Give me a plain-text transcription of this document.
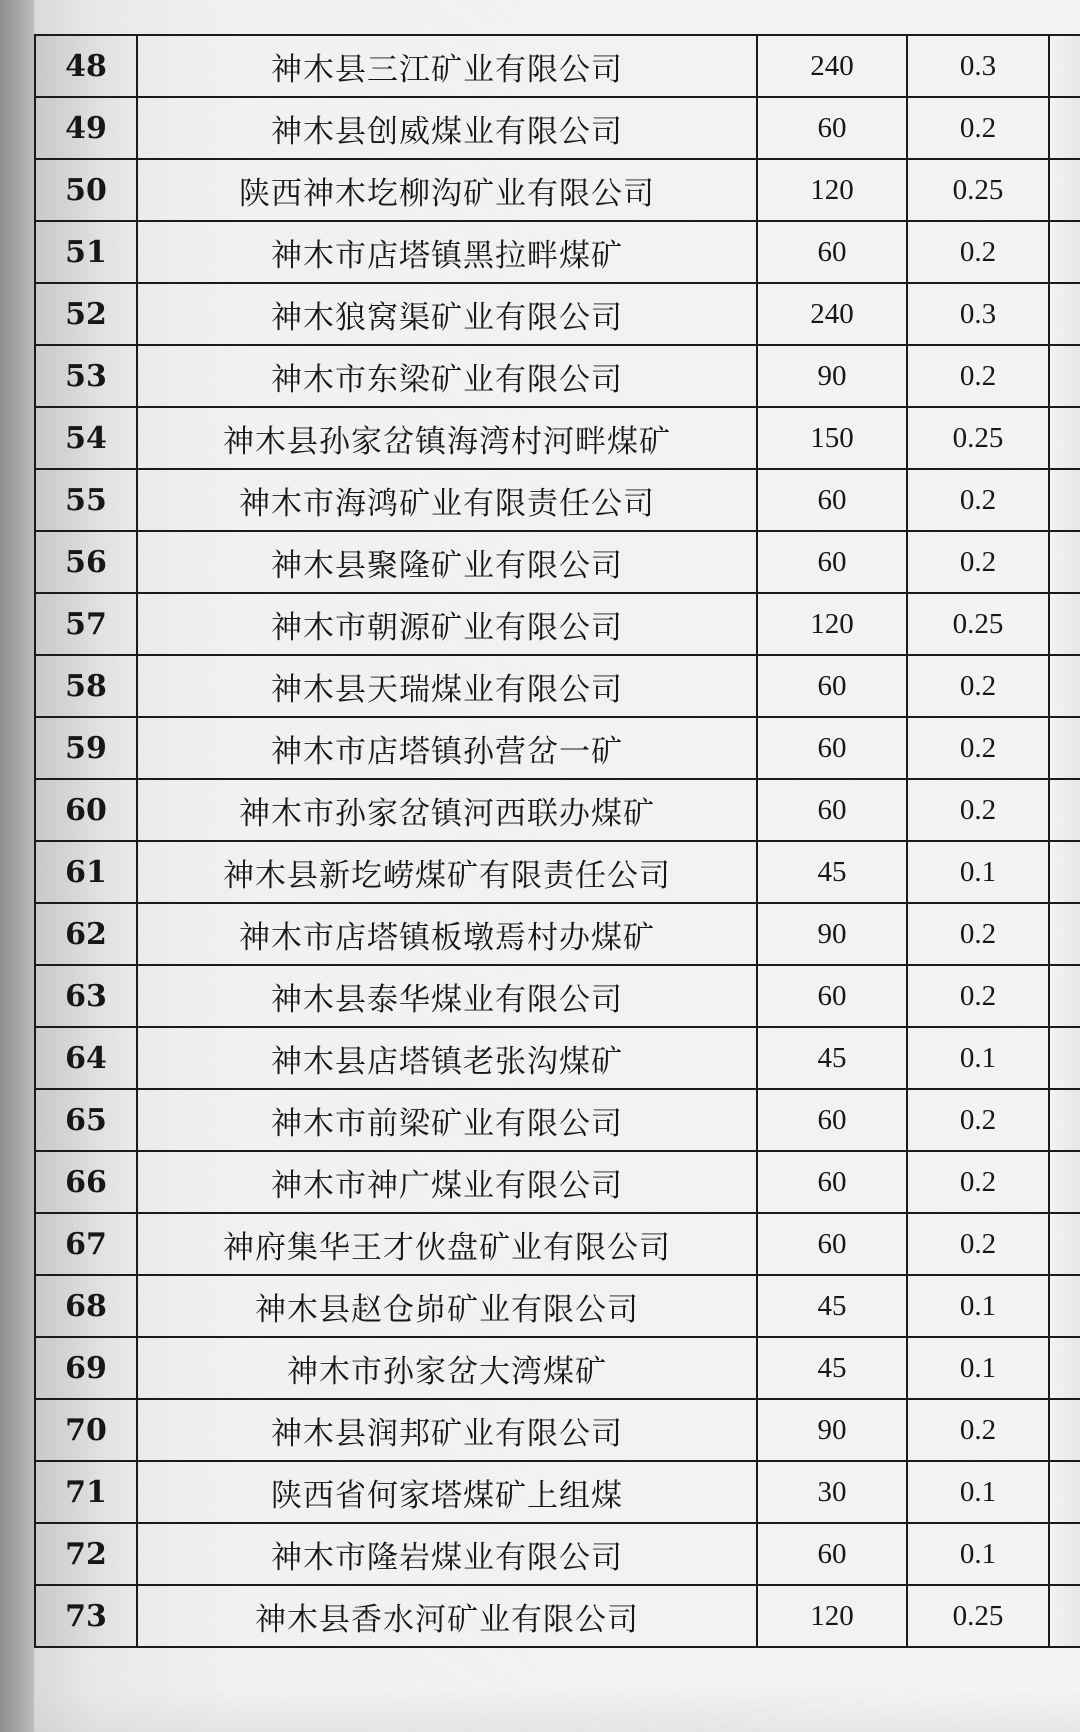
48	神木县三江矿业有限公司	240	0.3	
49	神木县创威煤业有限公司	60	0.2	
50	陕西神木圪柳沟矿业有限公司	120	0.25	
51	神木市店塔镇黑拉畔煤矿	60	0.2	
52	神木狼窝渠矿业有限公司	240	0.3	
53	神木市东梁矿业有限公司	90	0.2	
54	神木县孙家岔镇海湾村河畔煤矿	150	0.25	
55	神木市海鸿矿业有限责任公司	60	0.2	
56	神木县聚隆矿业有限公司	60	0.2	
57	神木市朝源矿业有限公司	120	0.25	
58	神木县天瑞煤业有限公司	60	0.2	
59	神木市店塔镇孙营岔一矿	60	0.2	
60	神木市孙家岔镇河西联办煤矿	60	0.2	
61	神木县新圪崂煤矿有限责任公司	45	0.1	
62	神木市店塔镇板墩焉村办煤矿	90	0.2	
63	神木县泰华煤业有限公司	60	0.2	
64	神木县店塔镇老张沟煤矿	45	0.1	
65	神木市前梁矿业有限公司	60	0.2	
66	神木市神广煤业有限公司	60	0.2	
67	神府集华王才伙盘矿业有限公司	60	0.2	
68	神木县赵仓峁矿业有限公司	45	0.1	
69	神木市孙家岔大湾煤矿	45	0.1	
70	神木县润邦矿业有限公司	90	0.2	
71	陕西省何家塔煤矿上组煤	30	0.1	
72	神木市隆岩煤业有限公司	60	0.1	
73	神木县香水河矿业有限公司	120	0.25	
